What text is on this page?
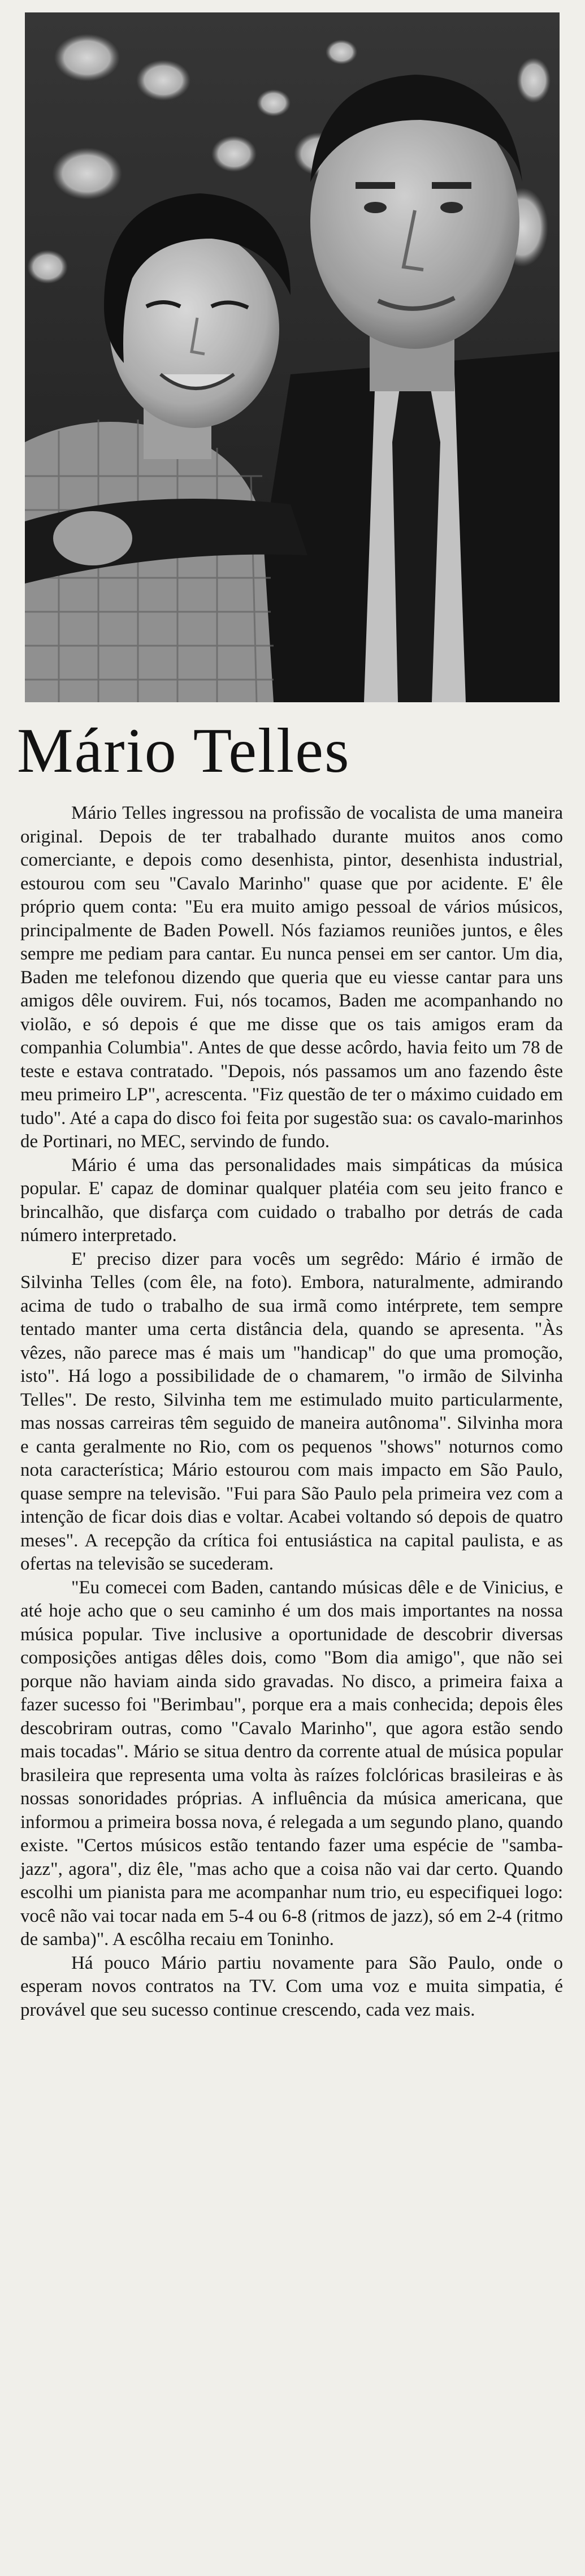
Mário Telles

Mário Telles ingressou na profissão de vocalista de uma maneira original. Depois de ter trabalhado durante muitos anos como comerciante, e depois como desenhista, pintor, desenhista industrial, estourou com seu "Cavalo Marinho" quase que por acidente. E' êle próprio quem conta: "Eu era muito amigo pessoal de vários músicos, principalmente de Baden Powell. Nós faziamos reuniões juntos, e êles sempre me pediam para cantar. Eu nunca pensei em ser cantor. Um dia, Baden me telefonou dizendo que queria que eu viesse cantar para uns amigos dêle ouvirem. Fui, nós tocamos, Baden me acompanhando no violão, e só depois é que me disse que os tais amigos eram da companhia Columbia". Antes de que desse acôrdo, havia feito um 78 de teste e estava contratado. "Depois, nós passamos um ano fazendo êste meu primeiro LP", acrescenta. "Fiz questão de ter o máximo cuidado em tudo". Até a capa do disco foi feita por sugestão sua: os cavalo-marinhos de Portinari, no MEC, servindo de fundo.

Mário é uma das personalidades mais simpáticas da música popular. E' capaz de dominar qualquer platéia com seu jeito franco e brincalhão, que disfarça com cuidado o trabalho por detrás de cada número interpretado.

E' preciso dizer para vocês um segrêdo: Mário é irmão de Silvinha Telles (com êle, na foto). Embora, naturalmente, admirando acima de tudo o trabalho de sua irmã como intérprete, tem sempre tentado manter uma certa distância dela, quando se apresenta. "Às vêzes, não parece mas é mais um "handicap" do que uma promoção, isto". Há logo a possibilidade de o chamarem, "o irmão de Silvinha Telles". De resto, Silvinha tem me estimulado muito particularmente, mas nossas carreiras têm seguido de maneira autônoma". Silvinha mora e canta geralmente no Rio, com os pequenos "shows" noturnos como nota característica; Mário estourou com mais impacto em São Paulo, quase sempre na televisão. "Fui para São Paulo pela primeira vez com a intenção de ficar dois dias e voltar. Acabei voltando só depois de quatro meses". A recepção da crítica foi entusiástica na capital paulista, e as ofertas na televisão se sucederam.

"Eu comecei com Baden, cantando músicas dêle e de Vinicius, e até hoje acho que o seu caminho é um dos mais importantes na nossa música popular. Tive inclusive a oportunidade de descobrir diversas composições antigas dêles dois, como "Bom dia amigo", que não sei porque não haviam ainda sido gravadas. No disco, a primeira faixa a fazer sucesso foi "Berimbau", porque era a mais conhecida; depois êles descobriram outras, como "Cavalo Marinho", que agora estão sendo mais tocadas". Mário se situa dentro da corrente atual de música popular brasileira que representa uma volta às raízes folclóricas brasileiras e às nossas sonoridades próprias. A influência da música americana, que informou a primeira bossa nova, é relegada a um segundo plano, quando existe. "Certos músicos estão tentando fazer uma espécie de "samba-jazz", agora", diz êle, "mas acho que a coisa não vai dar certo. Quando escolhi um pianista para me acompanhar num trio, eu especifiquei logo: você não vai tocar nada em 5-4 ou 6-8 (ritmos de jazz), só em 2-4 (ritmo de samba)". A escôlha recaiu em Toninho.

Há pouco Mário partiu novamente para São Paulo, onde o esperam novos contratos na TV. Com uma voz e muita simpatia, é provável que seu sucesso continue crescendo, cada vez mais.
